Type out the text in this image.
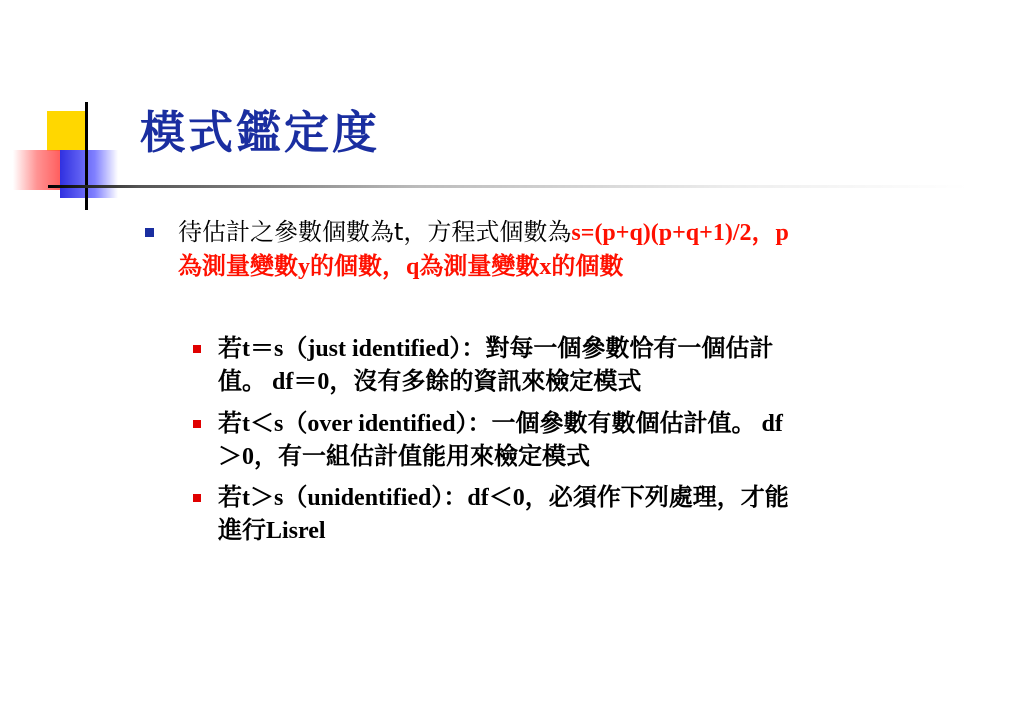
模式鑑定度
待估計之參數個數為t，方程式個數為s=(p+q)(p+q+1)/2，p
為測量變數y的個數，q為測量變數x的個數
若t＝s（just identified）：對每一個參數恰有一個估計
值。 df＝0，沒有多餘的資訊來檢定模式
若t＜s（over identified）：一個參數有數個估計值。 df
＞0，有一組估計值能用來檢定模式
若t＞s（unidentified）：df＜0，必須作下列處理，才能
進行Lisrel
